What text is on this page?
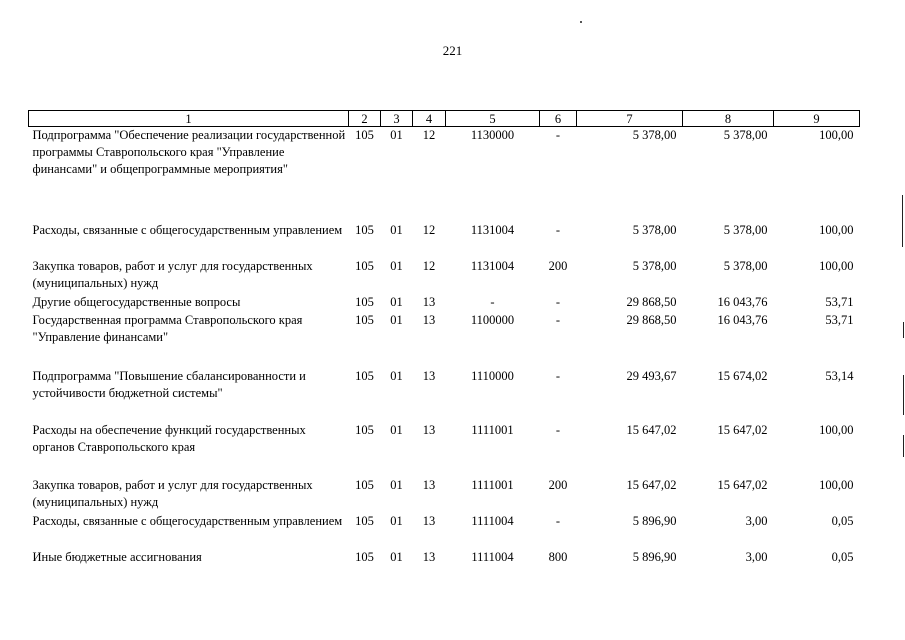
221
1	2	3	4	5	6	7	8	9
Подпрограмма "Обеспечение реализации государственной программы Ставропольского края "Управление финансами" и общепрограммные мероприятия"	105	01	12	1130000	-	5 378,00	5 378,00	100,00
Расходы, связанные с общегосударственным управлением	105	01	12	1131004	-	5 378,00	5 378,00	100,00
Закупка товаров, работ и услуг для государственных (муниципальных) нужд	105	01	12	1131004	200	5 378,00	5 378,00	100,00
Другие общегосударственные вопросы	105	01	13	-	-	29 868,50	16 043,76	53,71
Государственная программа Ставропольского края "Управление финансами"	105	01	13	1100000	-	29 868,50	16 043,76	53,71
Подпрограмма "Повышение сбалансированности и устойчивости бюджетной системы"	105	01	13	1110000	-	29 493,67	15 674,02	53,14
Расходы на обеспечение функций государственных органов Ставропольского края	105	01	13	1111001	-	15 647,02	15 647,02	100,00
Закупка товаров, работ и услуг для государственных (муниципальных) нужд	105	01	13	1111001	200	15 647,02	15 647,02	100,00
Расходы, связанные с общегосударственным управлением	105	01	13	1111004	-	5 896,90	3,00	0,05
Иные бюджетные ассигнования	105	01	13	1111004	800	5 896,90	3,00	0,05
